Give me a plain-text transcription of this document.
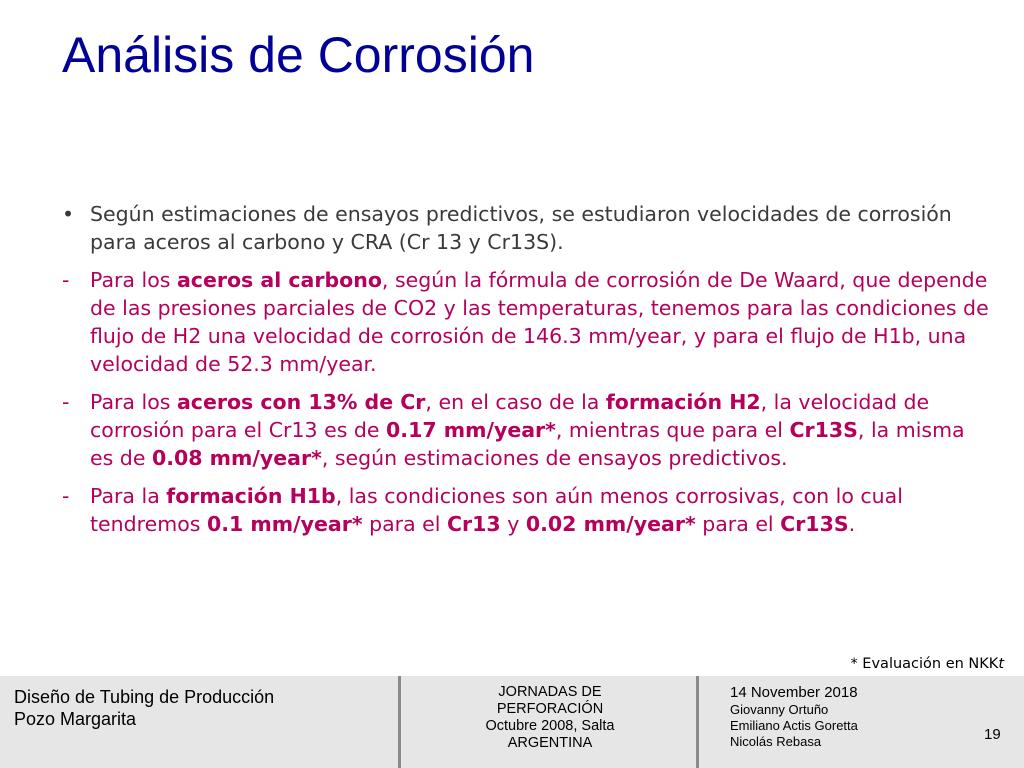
Análisis de Corrosión
• Según estimaciones de ensayos predictivos, se estudiaron velocidades de corrosión para aceros al carbono y CRA (Cr 13 y Cr13S).
- Para los aceros al carbono, según la fórmula de corrosión de De Waard, que depende de las presiones parciales de CO2 y las temperaturas, tenemos para las condiciones de flujo de H2 una velocidad de corrosión de 146.3 mm/year, y para el flujo de H1b, una velocidad de 52.3 mm/year.
- Para los aceros con 13% de Cr, en el caso de la formación H2, la velocidad de corrosión para el Cr13 es de 0.17 mm/year*, mientras que para el Cr13S, la misma es de 0.08 mm/year*, según estimaciones de ensayos predictivos.
- Para la formación H1b, las condiciones son aún menos corrosivas, con lo cual tendremos 0.1 mm/year* para el Cr13 y 0.02 mm/year* para el Cr13S.
* Evaluación en NKKt
Diseño de Tubing de Producción
Pozo Margarita
JORNADAS DE
PERFORACIÓN
Octubre 2008, Salta
ARGENTINA
14 November 2018
Giovanny Ortuño
Emiliano Actis Goretta
Nicolás Rebasa	19
